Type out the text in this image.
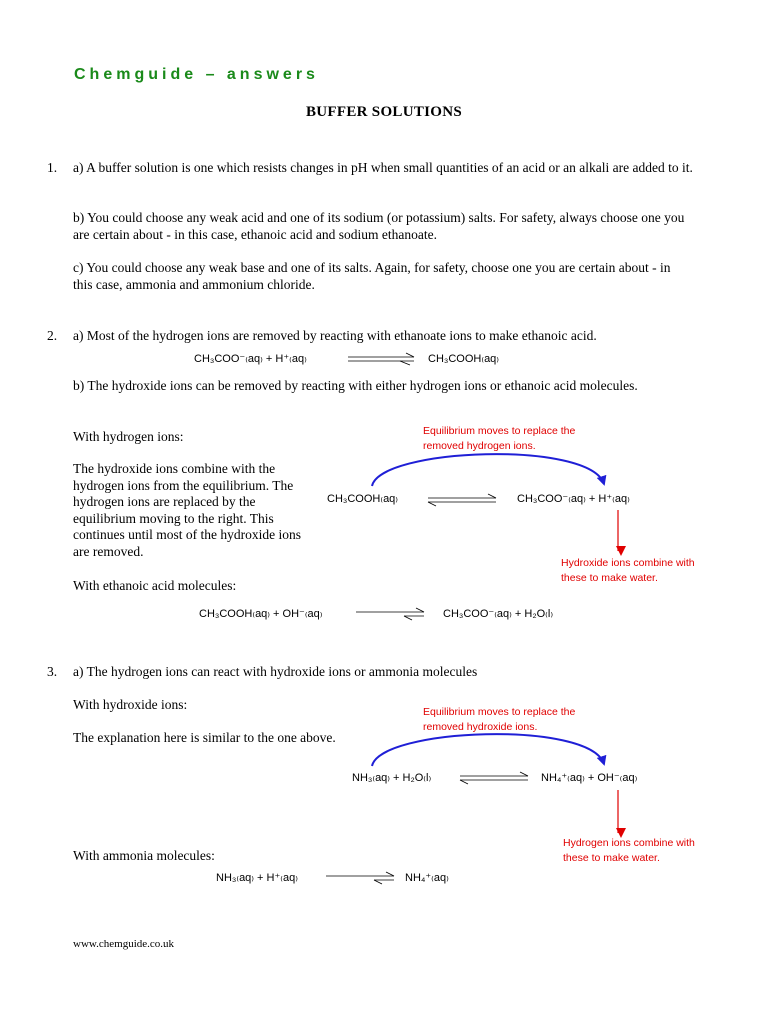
Chemguide – answers
BUFFER SOLUTIONS
1. a) A buffer solution is one which resists changes in pH when small quantities of an acid or an alkali are added to it.
b) You could choose any weak acid and one of its sodium (or potassium) salts. For safety, always choose one you are certain about - in this case, ethanoic acid and sodium ethanoate.
c) You could choose any weak base and one of its salts. Again, for safety, choose one you are certain about - in this case, ammonia and ammonium chloride.
2. a) Most of the hydrogen ions are removed by reacting with ethanoate ions to make ethanoic acid.
CH₃COO⁻₍aq₎ + H⁺₍aq₎	CH₃COOH₍aq₎
b) The hydroxide ions can be removed by reacting with either hydrogen ions or ethanoic acid molecules.
With hydrogen ions:
The hydroxide ions combine with the hydrogen ions from the equilibrium. The hydrogen ions are replaced by the equilibrium moving to the right. This continues until most of the hydroxide ions are removed.
Equilibrium moves to replace the removed hydrogen ions.
CH₃COOH₍aq₎	CH₃COO⁻₍aq₎ + H⁺₍aq₎
Hydroxide ions combine with these to make water.
With ethanoic acid molecules:
CH₃COOH₍aq₎ + OH⁻₍aq₎	CH₃COO⁻₍aq₎ + H₂O₍l₎
3. a) The hydrogen ions can react with hydroxide ions or ammonia molecules
With hydroxide ions:
The explanation here is similar to the one above.
Equilibrium moves to replace the removed hydroxide ions.
NH₃₍aq₎ + H₂O₍l₎	NH₄⁺₍aq₎ + OH⁻₍aq₎
Hydrogen ions combine with these to make water.
With ammonia molecules:
NH₃₍aq₎ + H⁺₍aq₎	NH₄⁺₍aq₎
www.chemguide.co.uk
